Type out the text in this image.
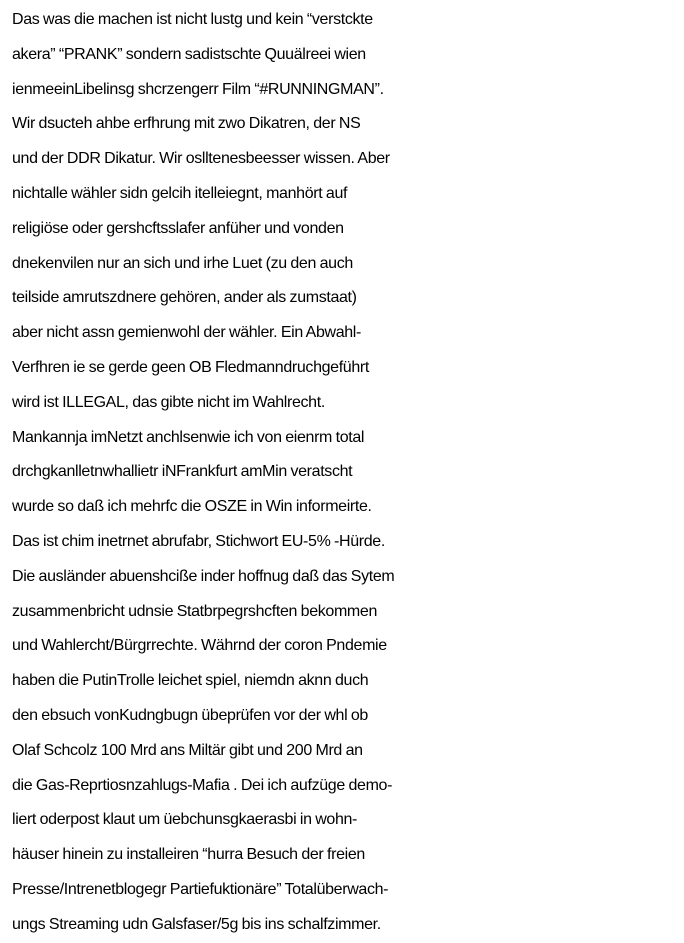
Das was die machen ist nicht lustg und kein “verstckte
akera” “PRANK” sondern sadistschte Quuälreei wien
ienmeeinLibelinsg shcrzengerr Film “#RUNNINGMAN”.
Wir dsucteh ahbe erfhrung mit zwo Dikatren, der NS
und der DDR Dikatur. Wir oslltenesbeesser wissen. Aber
nichtalle wähler sidn gelcih itelleiegnt, manhört auf
religiöse oder gershcftsslafer anfüher und vonden
dnekenvilen nur an sich und irhe Luet (zu den auch
teilside amrutszdnere gehören, ander als zumstaat)
aber nicht assn gemienwohl der wähler. Ein Abwahl-
Verfhren ie se gerde geen OB Fledmanndruchgeführt
wird ist ILLEGAL, das gibte nicht im Wahlrecht.
Mankannja imNetzt anchlsenwie ich von eienrm total
drchgkanlletnwhallietr iNFrankfurt amMin veratscht
wurde so daß ich mehrfc die OSZE in Win informeirte.
Das ist chim inetrnet abrufabr, Stichwort EU-5% -Hürde.
Die ausländer abuenshciße inder hoffnug daß das Sytem
zusammenbricht udnsie Statbrpegrshcften bekommen
und Wahlercht/Bürgrrechte. Währnd der coron Pndemie
haben die PutinTrolle leichet spiel, niemdn aknn duch
den ebsuch vonKudngbugn übeprüfen vor der whl ob
Olaf Schcolz 100 Mrd ans Miltär gibt und 200 Mrd an
die Gas-Reprtiosnzahlugs-Mafia . Dei ich aufzüge demo-
liert oderpost klaut um üebchunsgkaerasbi in wohn-
häuser hinein zu installeiren “hurra Besuch der freien
Presse/Intrenetblogegr Partiefuktionäre” Totalüberwach-
ungs Streaming udn Galsfaser/5g bis ins schalfzimmer.
